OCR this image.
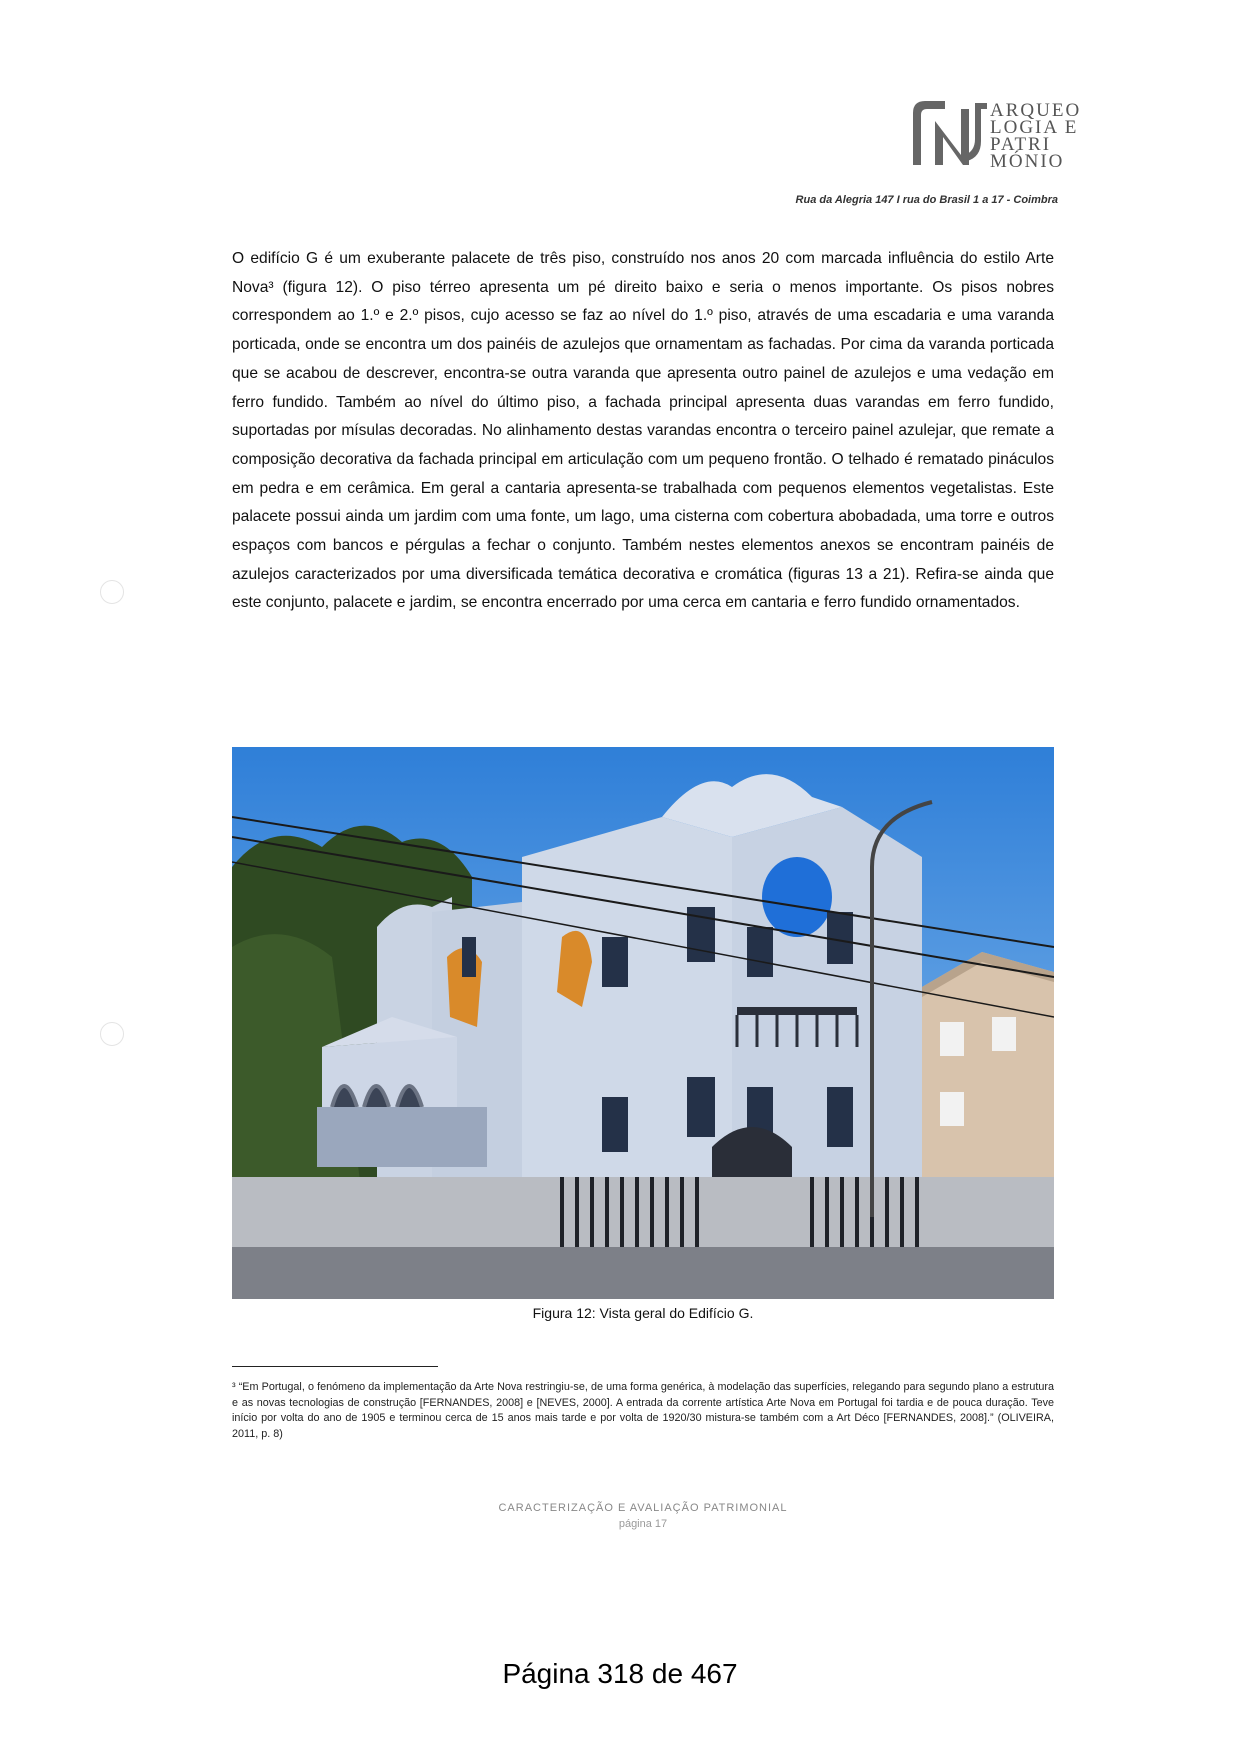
ARQUEO
LOGIA E
PATRI
MÓNIO
Rua da Alegria 147 I rua do Brasil 1 a 17 - Coimbra

O edifício G é um exuberante palacete de três piso, construído nos anos 20 com marcada influência do estilo Arte Nova³ (figura 12). O piso térreo apresenta um pé direito baixo e seria o menos importante. Os pisos nobres correspondem ao 1.º e 2.º pisos, cujo acesso se faz ao nível do 1.º piso, através de uma escadaria e uma varanda porticada, onde se encontra um dos painéis de azulejos que ornamentam as fachadas. Por cima da varanda porticada que se acabou de descrever, encontra-se outra varanda que apresenta outro painel de azulejos e uma vedação em ferro fundido. Também ao nível do último piso, a fachada principal apresenta duas varandas em ferro fundido, suportadas por mísulas decoradas. No alinhamento destas varandas encontra o terceiro painel azulejar, que remate a composição decorativa da fachada principal em articulação com um pequeno frontão. O telhado é rematado pináculos em pedra e em cerâmica. Em geral a cantaria apresenta-se trabalhada com pequenos elementos vegetalistas. Este palacete possui ainda um jardim com uma fonte, um lago, uma cisterna com cobertura abobadada, uma torre e outros espaços com bancos e pérgulas a fechar o conjunto. Também nestes elementos anexos se encontram painéis de azulejos caracterizados por uma diversificada temática decorativa e cromática (figuras 13 a 21). Refira-se ainda que este conjunto, palacete e jardim, se encontra encerrado por uma cerca em cantaria e ferro fundido ornamentados.

Figura 12: Vista geral do Edifício G.
³ “Em Portugal, o fenómeno da implementação da Arte Nova restringiu-se, de uma forma genérica, à modelação das superfícies, relegando para segundo plano a estrutura e as novas tecnologias de construção [FERNANDES, 2008] e [NEVES, 2000]. A entrada da corrente artística Arte Nova em Portugal foi tardia e de pouca duração. Teve início por volta do ano de 1905 e terminou cerca de 15 anos mais tarde e por volta de 1920/30 mistura-se também com a Art Déco [FERNANDES, 2008].” (OLIVEIRA, 2011, p. 8)
CARACTERIZAÇÃO E AVALIAÇÃO PATRIMONIAL
página 17
Página 318 de 467
